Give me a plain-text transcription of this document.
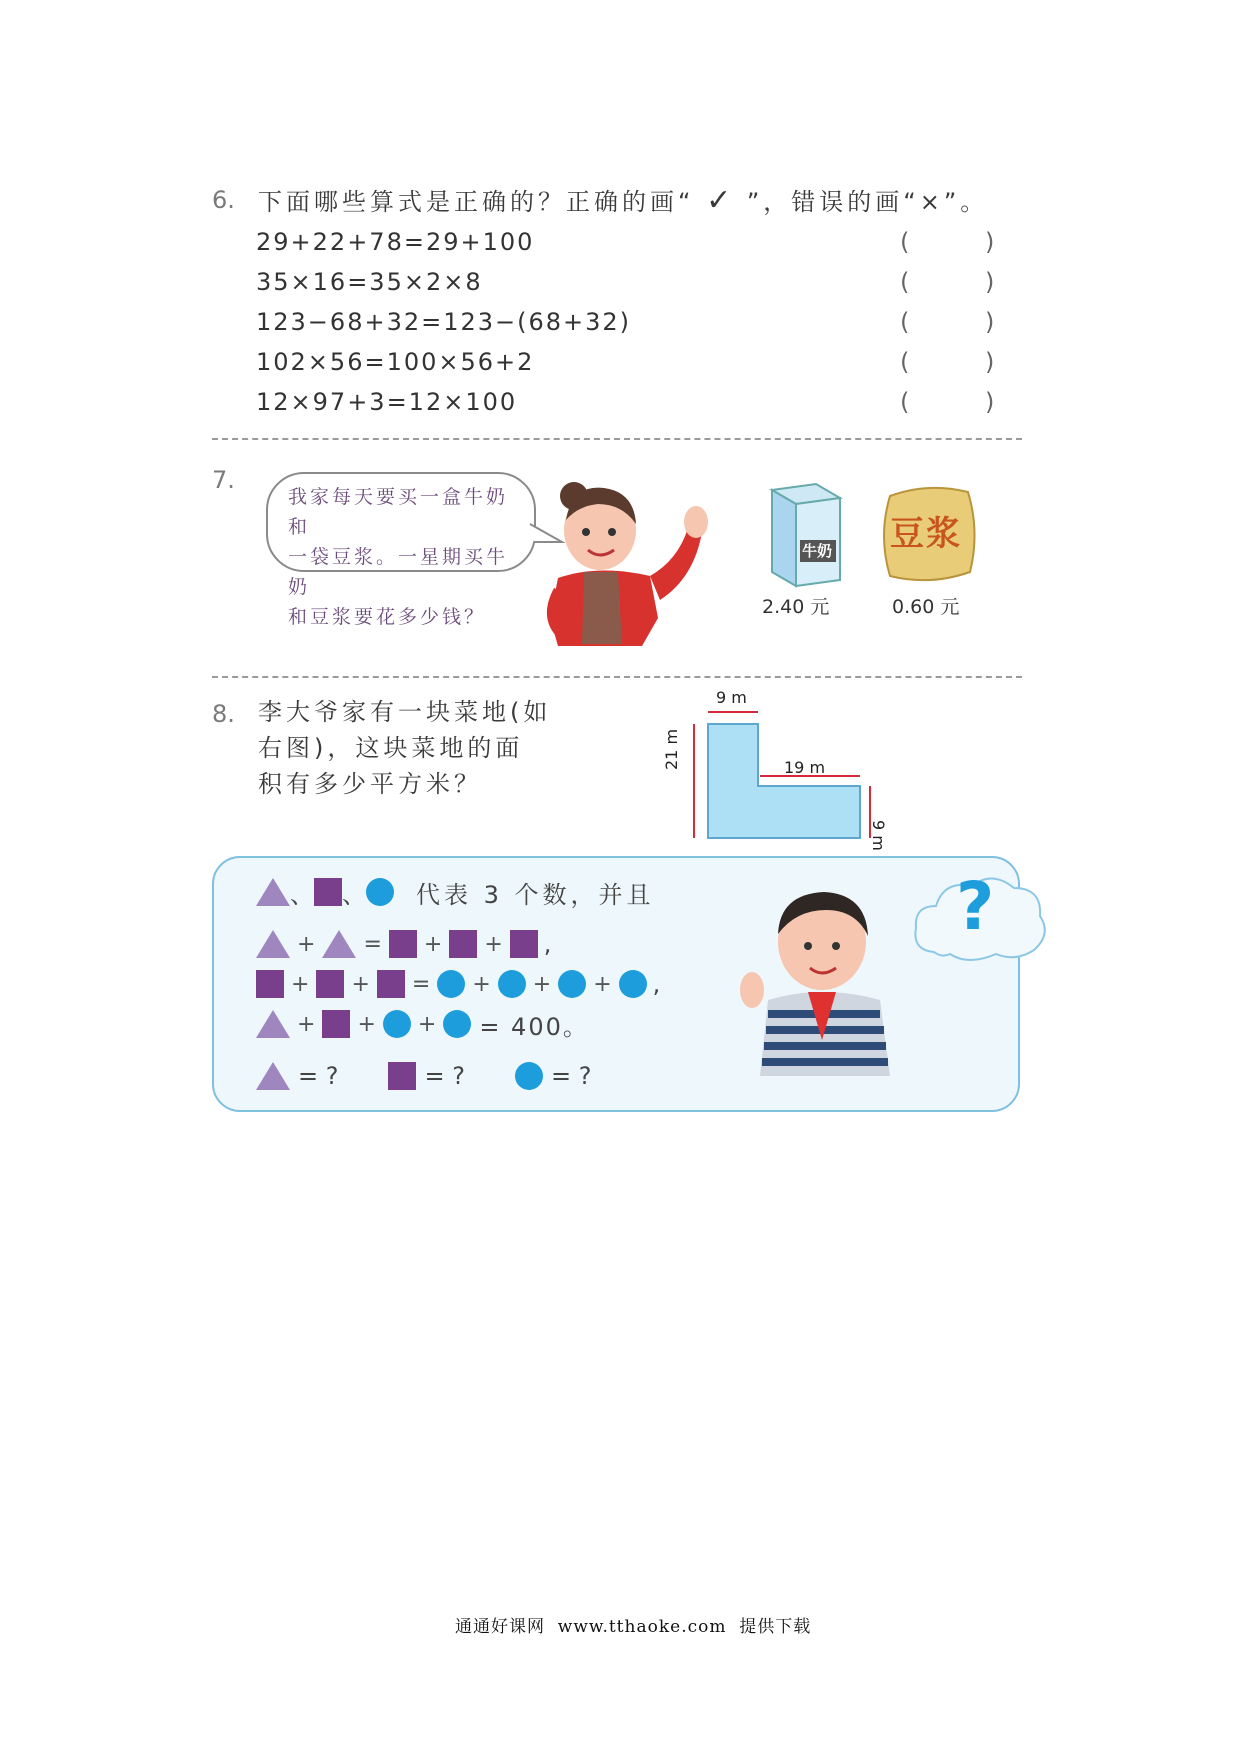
6. 下面哪些算式是正确的？正确的画“ ✓ ”，错误的画“×”。
29+22+78=29+100
35×16=35×2×8
123−68+32=123−(68+32)
102×56=100×56+2
12×97+3=12×100
( )
( )
( )
( )
( )
7.
我家每天要买一盒牛奶和
一袋豆浆。一星期买牛奶
和豆浆要花多少钱？
牛奶
2.40 元
豆浆
0.60 元
8. 李大爷家有一块菜地(如
右图)，这块菜地的面
积有多少平方米？
9 m
19 m
21 m
9 m
、 、 代表 3 个数，并且
+ = + + ,
+ + = + + + ,
+ + + = 400。
= ?	= ?	= ?
?
通通好课网  www.tthaoke.com  提供下载
